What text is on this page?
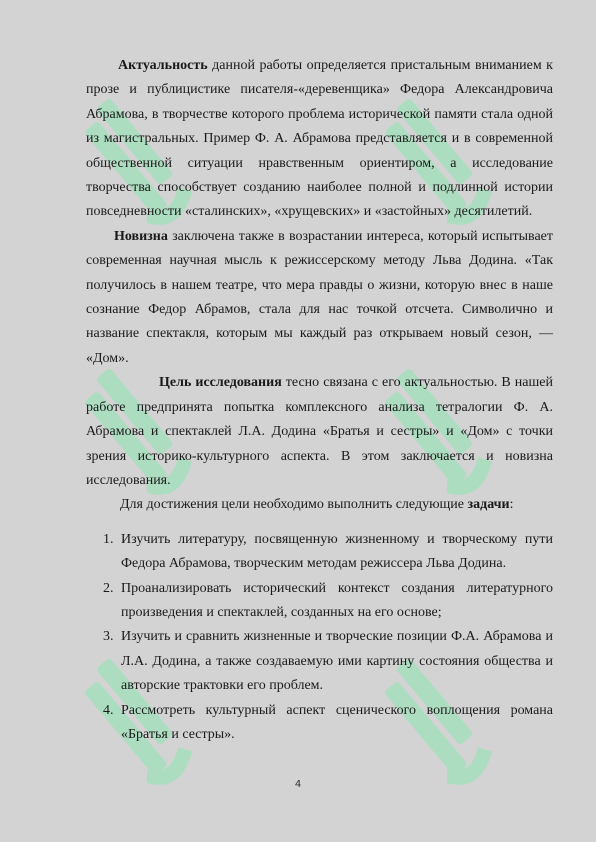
Актуальность данной работы определяется пристальным вниманием к прозе и публицистике писателя-«деревенщика» Федора Александровича Абрамова, в творчестве которого проблема исторической памяти стала одной из магистральных. Пример Ф. А. Абрамова представляется и в современной общественной ситуации нравственным ориентиром, а исследование творчества способствует созданию наиболее полной и подлинной истории повседневности «сталинских», «хрущевских» и «застойных» десятилетий.

Новизна заключена также в возрастании интереса, который испытывает современная научная мысль к режиссерскому методу Льва Додина. «Так получилось в нашем театре, что мера правды о жизни, которую внес в наше сознание Федор Абрамов, стала для нас точкой отсчета. Символично и название спектакля, которым мы каждый раз открываем новый сезон, — «Дом».

Цель исследования тесно связана с его актуальностью. В нашей работе предпринята попытка комплексного анализа тетралогии Ф. А. Абрамова и спектаклей Л.А. Додина «Братья и сестры» и «Дом» с точки зрения историко-культурного аспекта. В этом заключается и новизна исследования.

Для достижения цели необходимо выполнить следующие задачи:

1. Изучить литературу, посвященную жизненному и творческому пути Федора Абрамова, творческим методам режиссера Льва Додина.
2. Проанализировать исторический контекст создания литературного произведения и спектаклей, созданных на его основе;
3. Изучить и сравнить жизненные и творческие позиции Ф.А. Абрамова и Л.А. Додина, а также создаваемую ими картину состояния общества и авторские трактовки его проблем.
4. Рассмотреть культурный аспект сценического воплощения романа «Братья и сестры».
4
